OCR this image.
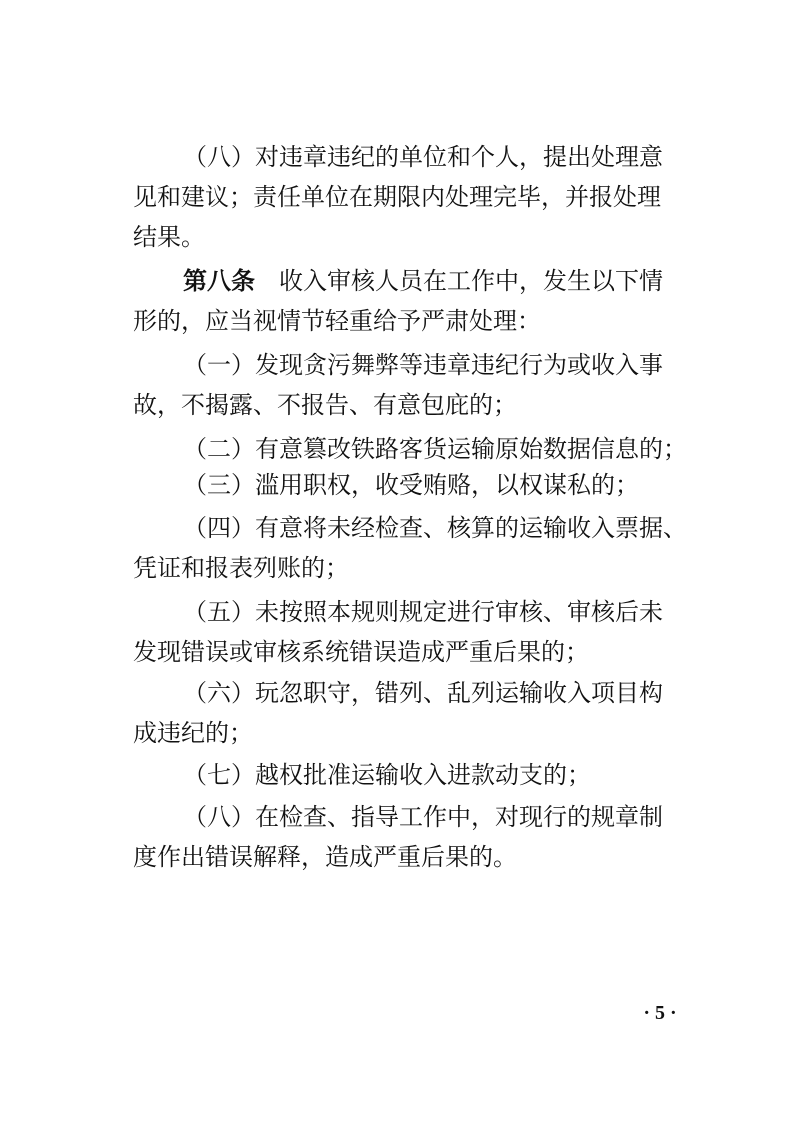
（八）对违章违纪的单位和个人，提出处理意
见和建议；责任单位在期限内处理完毕，并报处理
结果。
第八条 收入审核人员在工作中，发生以下情
形的，应当视情节轻重给予严肃处理：
（一）发现贪污舞弊等违章违纪行为或收入事
故，不揭露、不报告、有意包庇的；
（二）有意篡改铁路客货运输原始数据信息的；
（三）滥用职权，收受贿赂，以权谋私的；
（四）有意将未经检查、核算的运输收入票据、
凭证和报表列账的；
（五）未按照本规则规定进行审核、审核后未
发现错误或审核系统错误造成严重后果的；
（六）玩忽职守，错列、乱列运输收入项目构
成违纪的；
（七）越权批准运输收入进款动支的；
（八）在检查、指导工作中，对现行的规章制
度作出错误解释，造成严重后果的。
· 5 ·
